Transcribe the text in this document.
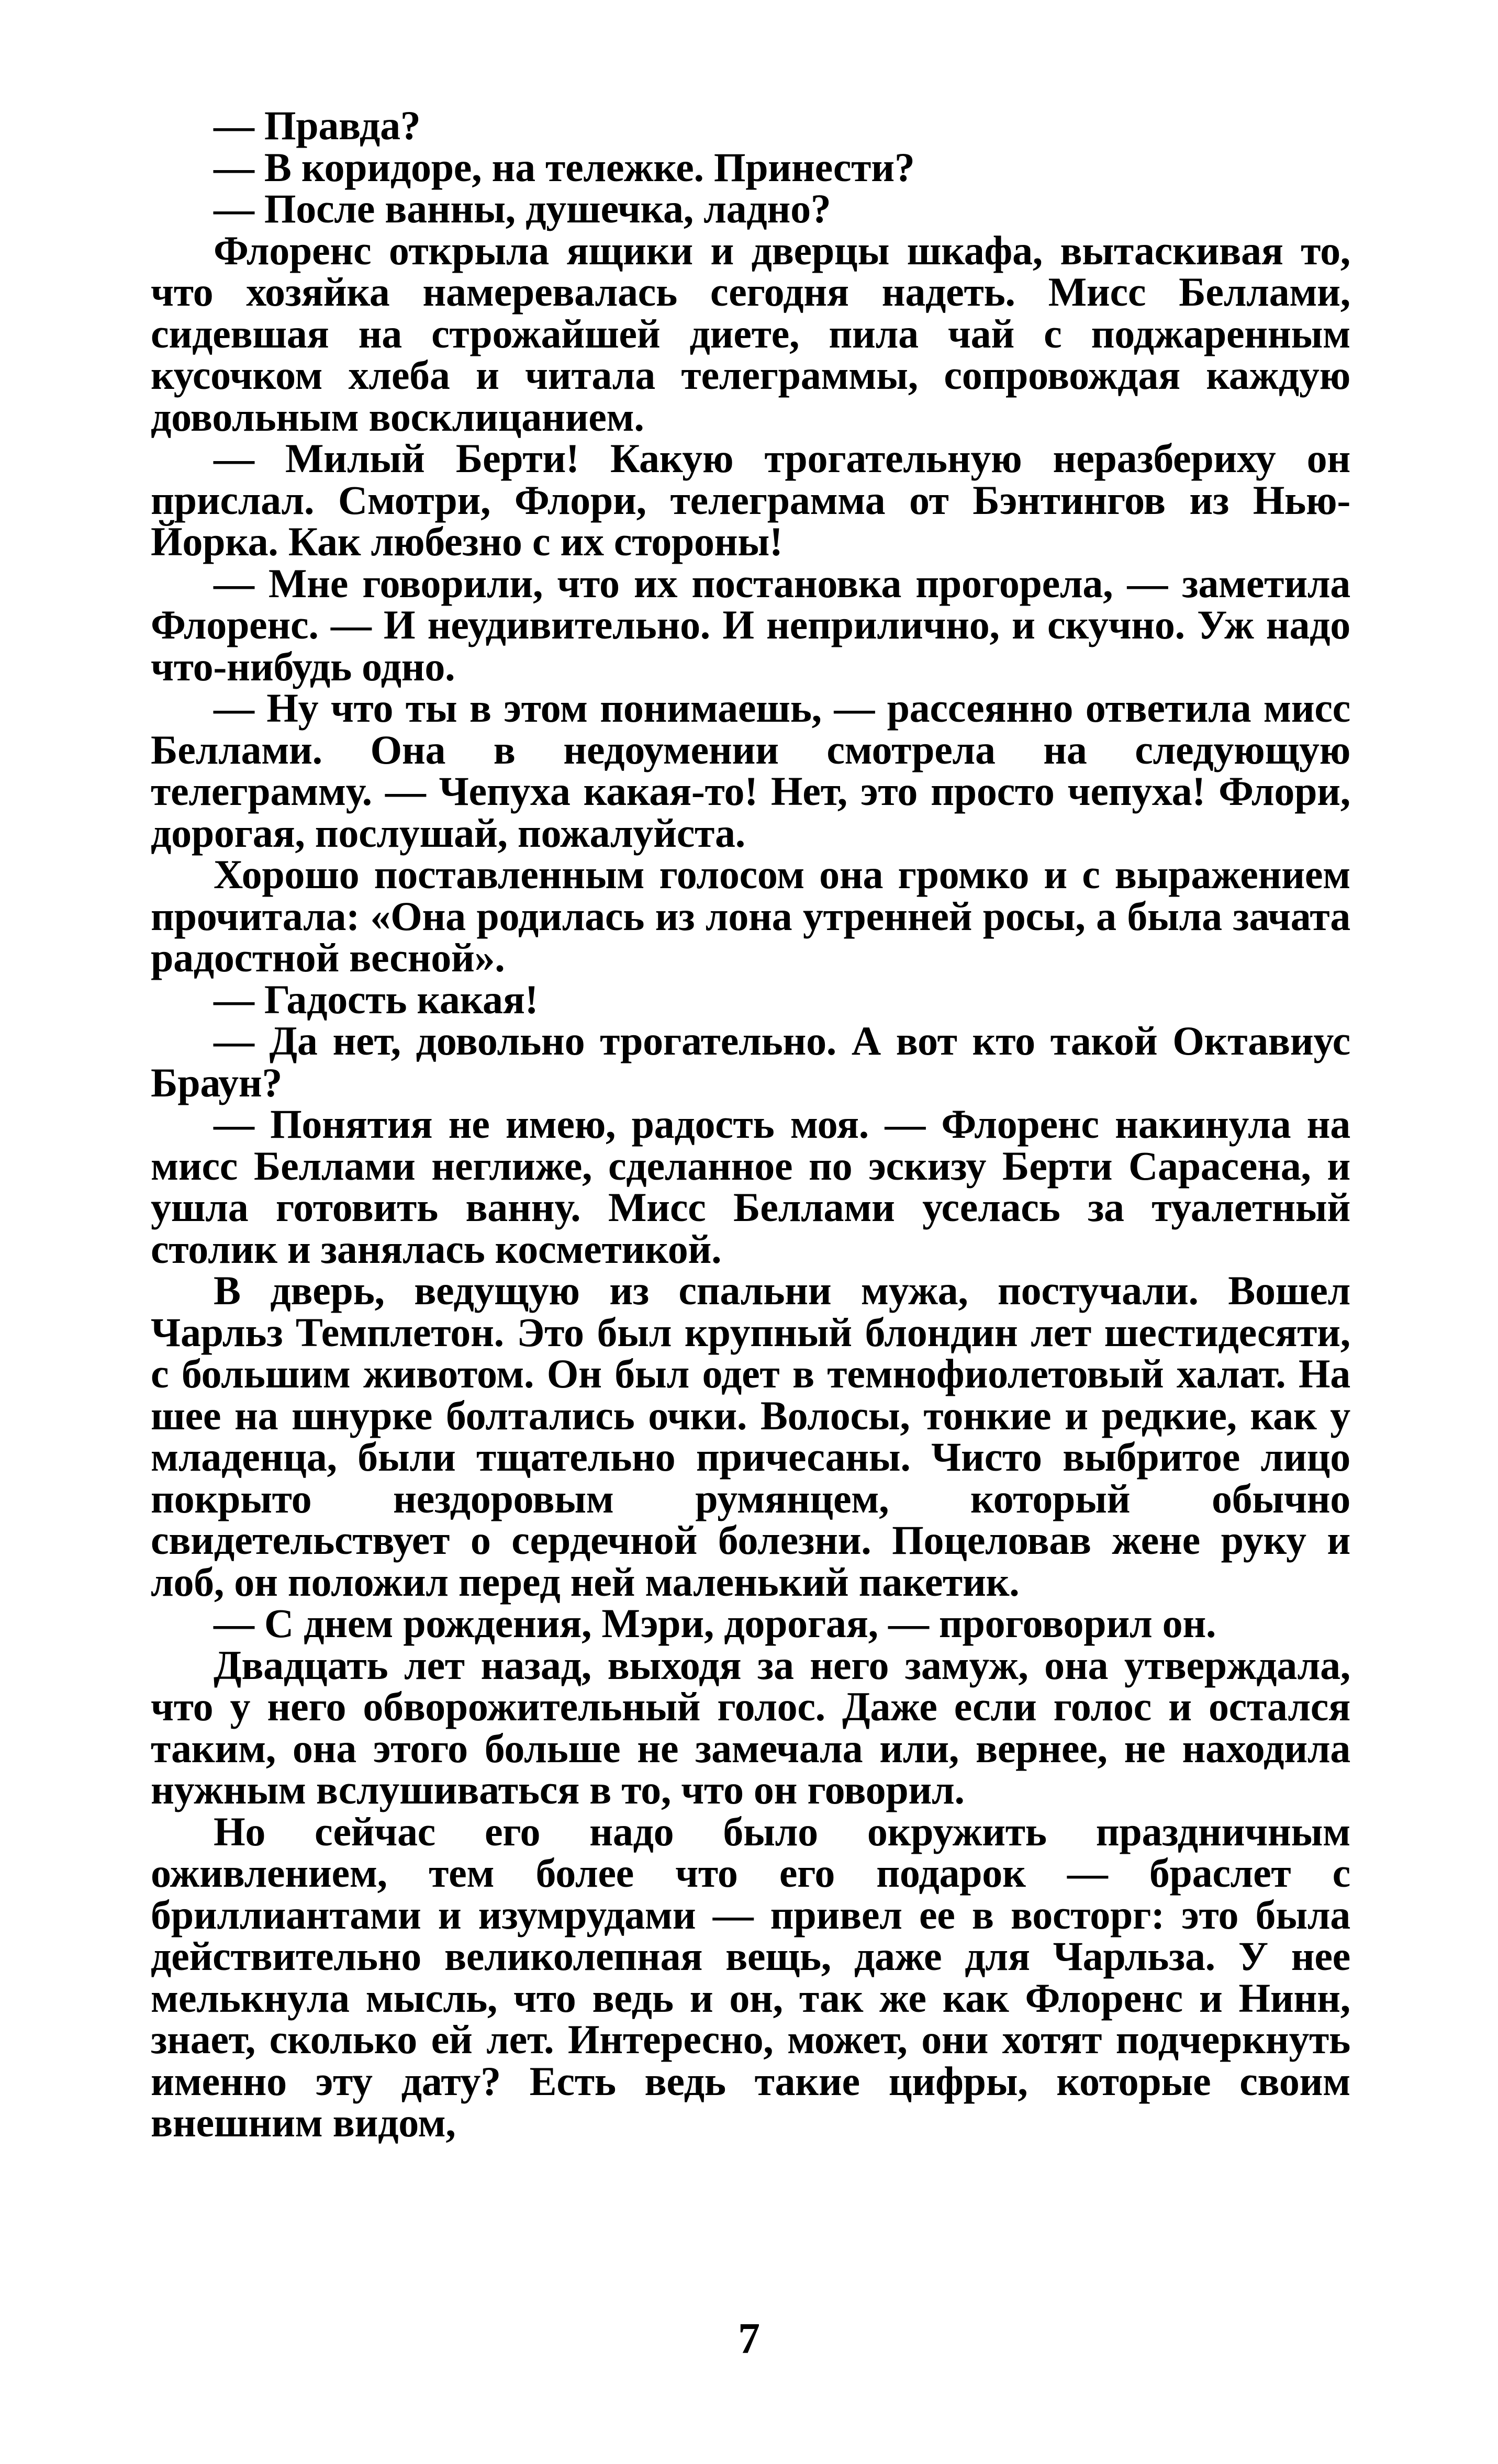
— Правда?

— В коридоре, на тележке. Принести?

— После ванны, душечка, ладно?

Флоренс открыла ящики и дверцы шкафа, вытаскивая то, что хозяйка намеревалась сегодня надеть. Мисс Беллами, сидевшая на строжайшей диете, пила чай с поджаренным кусочком хлеба и читала телеграммы, сопровождая каждую довольным восклицанием.

— Милый Берти! Какую трогательную неразбериху он прислал. Смотри, Флори, телеграмма от Бэнтингов из Нью-Йорка. Как любезно с их стороны!

— Мне говорили, что их постановка прогорела, — заметила Флоренс. — И неудивительно. И неприлично, и скучно. Уж надо что-нибудь одно.

— Ну что ты в этом понимаешь, — рассеянно ответила мисс Беллами. Она в недоумении смотрела на следующую телеграмму. — Чепуха какая-то! Нет, это просто чепуха! Флори, дорогая, послушай, пожалуйста.

Хорошо поставленным голосом она громко и с выражением прочитала: «Она родилась из лона утренней росы, а была зачата радостной весной».

— Гадость какая!

— Да нет, довольно трогательно. А вот кто такой Октавиус Браун?

— Понятия не имею, радость моя. — Флоренс накинула на мисс Беллами неглиже, сделанное по эскизу Берти Сарасена, и ушла готовить ванну. Мисс Беллами уселась за туалетный столик и занялась косметикой.

В дверь, ведущую из спальни мужа, постучали. Вошел Чарльз Темплетон. Это был крупный блондин лет шестидесяти, с большим животом. Он был одет в темнофиолетовый халат. На шее на шнурке болтались очки. Волосы, тонкие и редкие, как у младенца, были тщательно причесаны. Чисто выбритое лицо покрыто нездоровым румянцем, который обычно свидетельствует о сердечной болезни. Поцеловав жене руку и лоб, он положил перед ней маленький пакетик.

— С днем рождения, Мэри, дорогая, — проговорил он.

Двадцать лет назад, выходя за него замуж, она утверждала, что у него обворожительный голос. Даже если голос и остался таким, она этого больше не замечала или, вернее, не находила нужным вслушиваться в то, что он говорил.

Но сейчас его надо было окружить праздничным оживлением, тем более что его подарок — браслет с бриллиантами и изумрудами — привел ее в восторг: это была действительно великолепная вещь, даже для Чарльза. У нее мелькнула мысль, что ведь и он, так же как Флоренс и Нинн, знает, сколько ей лет. Интересно, может, они хотят подчеркнуть именно эту дату? Есть ведь такие цифры, которые своим внешним видом,

7
